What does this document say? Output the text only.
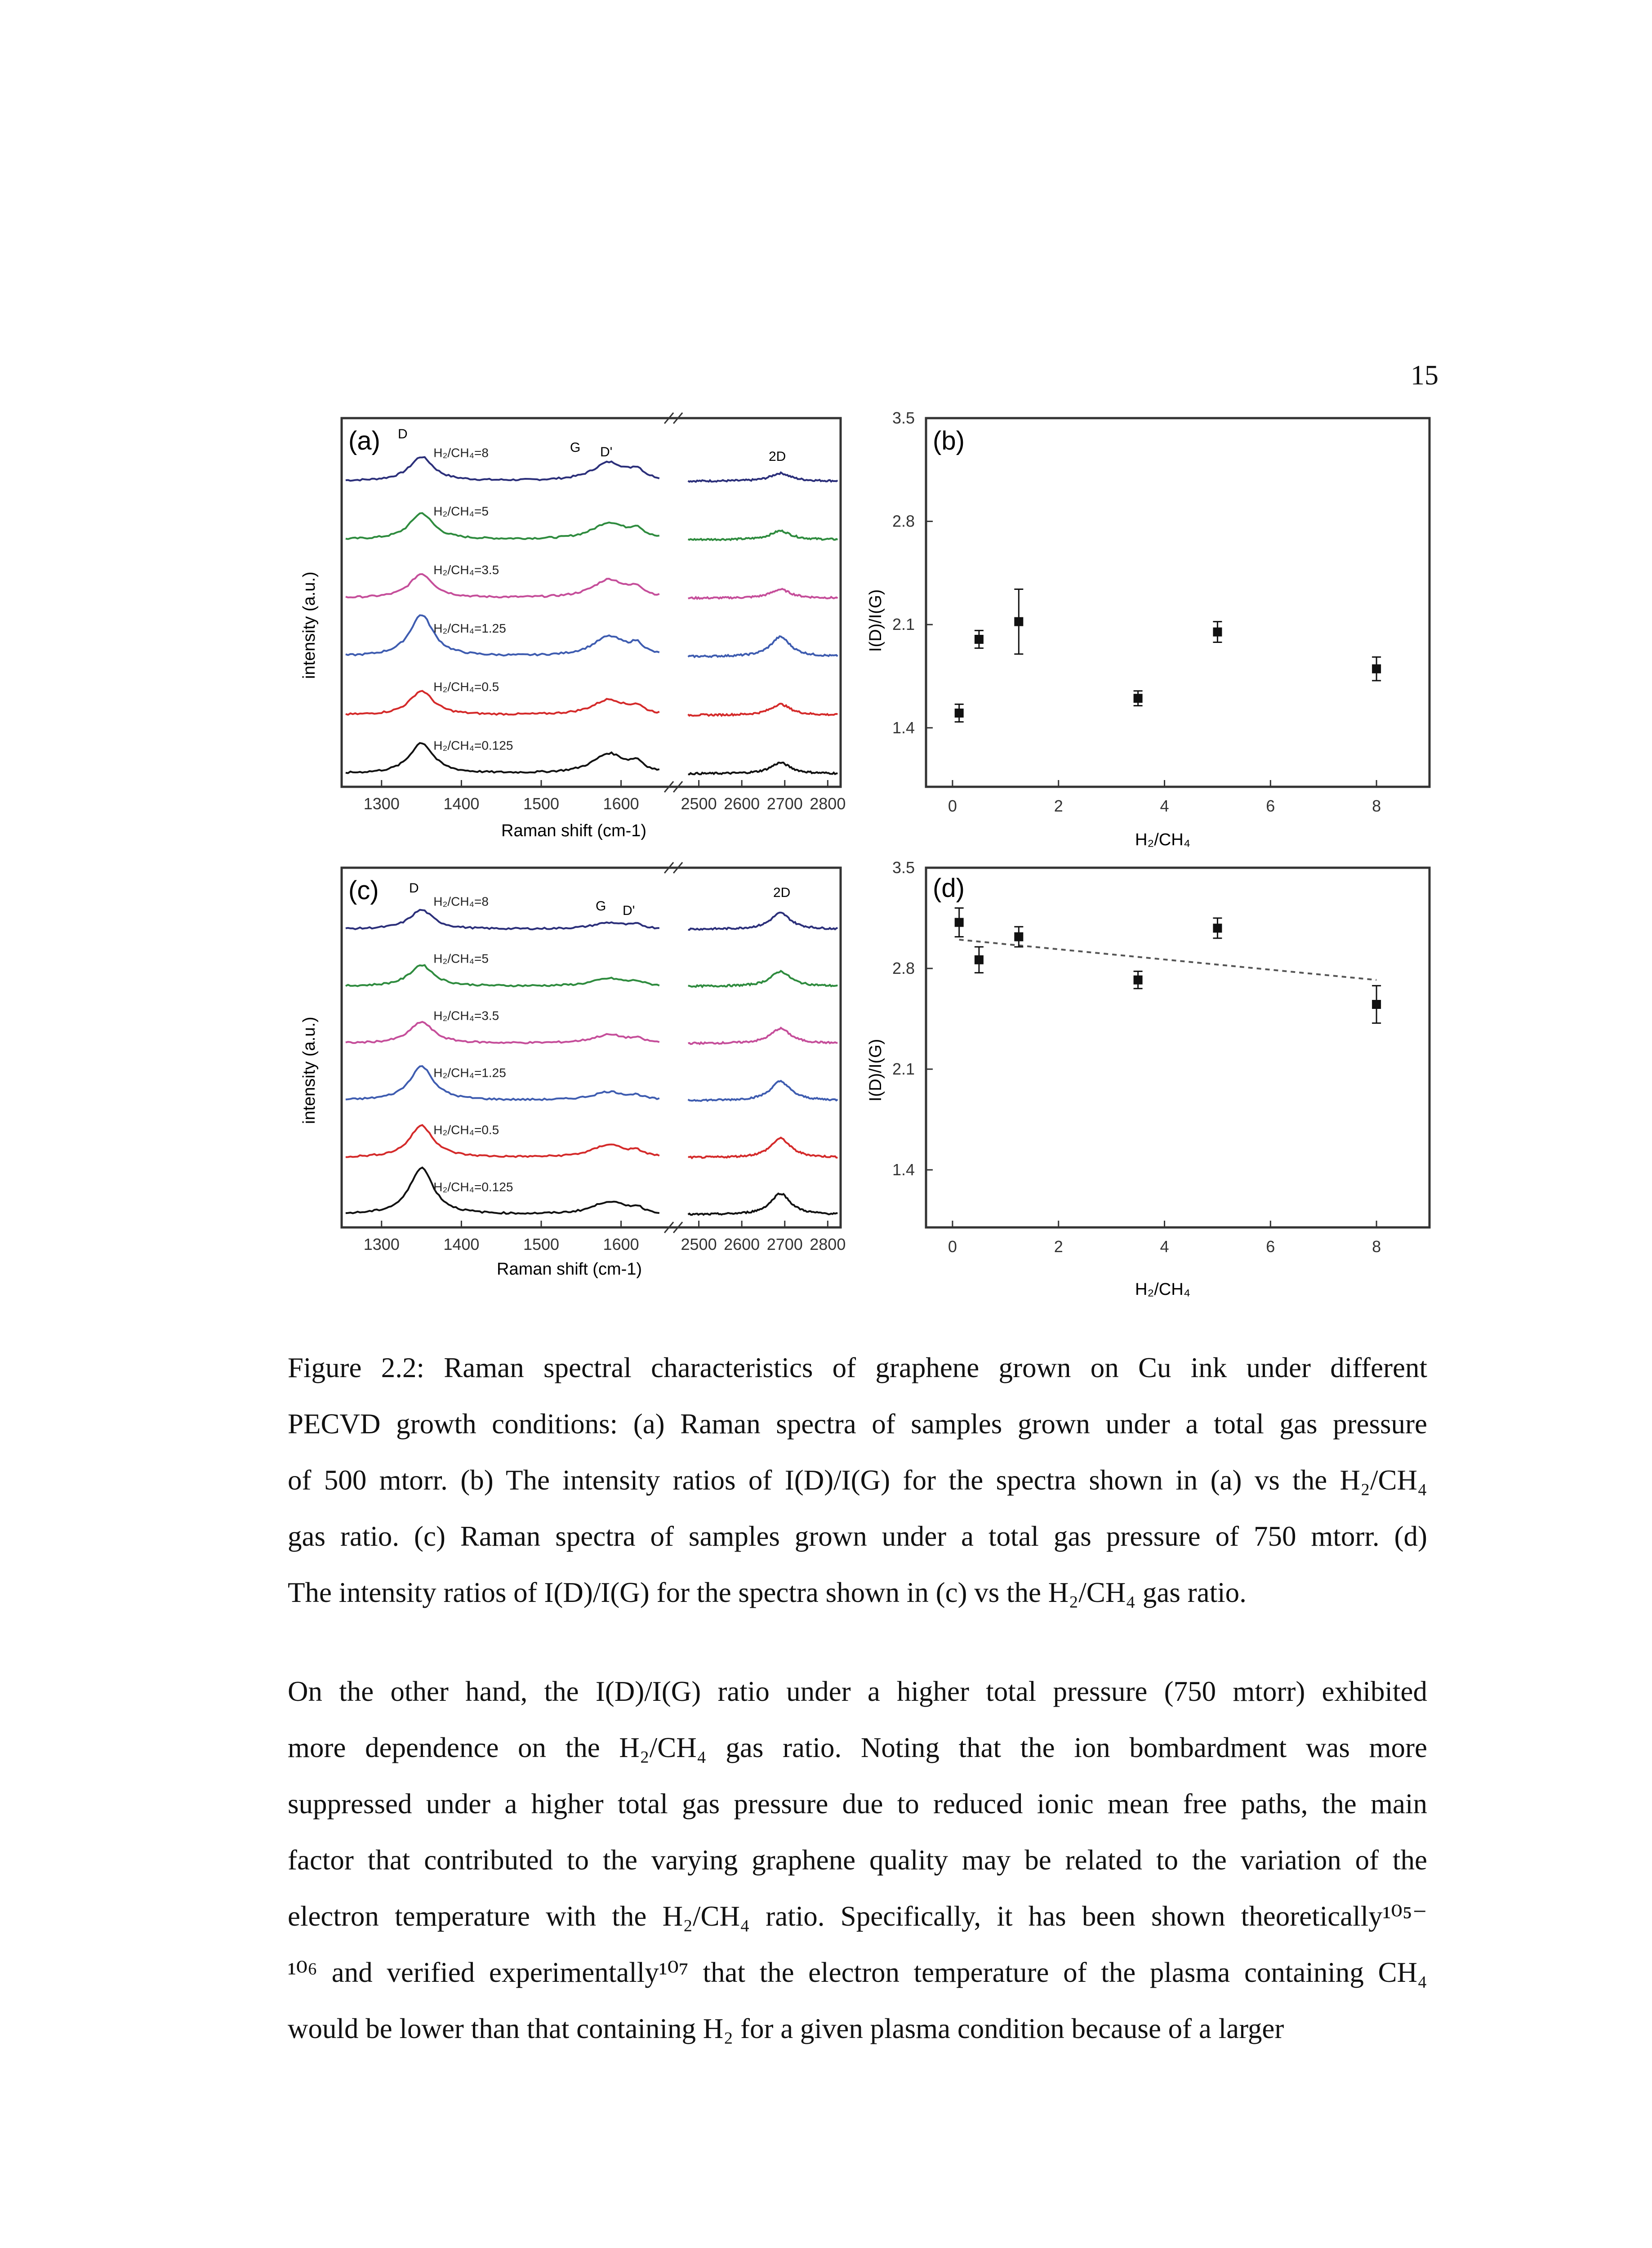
15
H₂/CH₄=8
H₂/CH₄=5
H₂/CH₄=3.5
H₂/CH₄=1.25
H₂/CH₄=0.5
H₂/CH₄=0.125
(a) D
G D'	2D
1300	1400	1500	1600	2500 2600 2700 2800
Raman shift (cm-1)
intensity (a.u.)
1.4
2.1
2.8
3.5
0	2	4	6	8
(b)
I(D)/I(G)
H₂/CH₄
H₂/CH₄=8
H₂/CH₄=5
H₂/CH₄=3.5
H₂/CH₄=1.25
H₂/CH₄=0.5
H₂/CH₄=0.125
(c) D
G D'
2D
1300	1400	1500	1600	2500 2600 2700 2800
Raman shift (cm-1)
intensity (a.u.)
1.4
2.1
2.8
3.5
0	2	4	6	8
(d)
I(D)/I(G)
H₂/CH₄
Figure 2.2: Raman spectral characteristics of graphene grown on Cu ink under different
PECVD growth conditions: (a) Raman spectra of samples grown under a total gas pressure
of 500 mtorr. (b) The intensity ratios of I(D)/I(G) for the spectra shown in (a) vs the H₂/CH₄
gas ratio. (c) Raman spectra of samples grown under a total gas pressure of 750 mtorr. (d)
The intensity ratios of I(D)/I(G) for the spectra shown in (c) vs the H₂/CH₄ gas ratio.
On the other hand, the I(D)/I(G) ratio under a higher total pressure (750 mtorr) exhibited
more dependence on the H₂/CH₄ gas ratio. Noting that the ion bombardment was more
suppressed under a higher total gas pressure due to reduced ionic mean free paths, the main
factor that contributed to the varying graphene quality may be related to the variation of the
electron temperature with the H₂/CH₄ ratio. Specifically, it has been shown theoretically¹⁰⁵⁻
¹⁰⁶ and verified experimentally¹⁰⁷ that the electron temperature of the plasma containing CH₄
would be lower than that containing H₂ for a given plasma condition because of a larger
